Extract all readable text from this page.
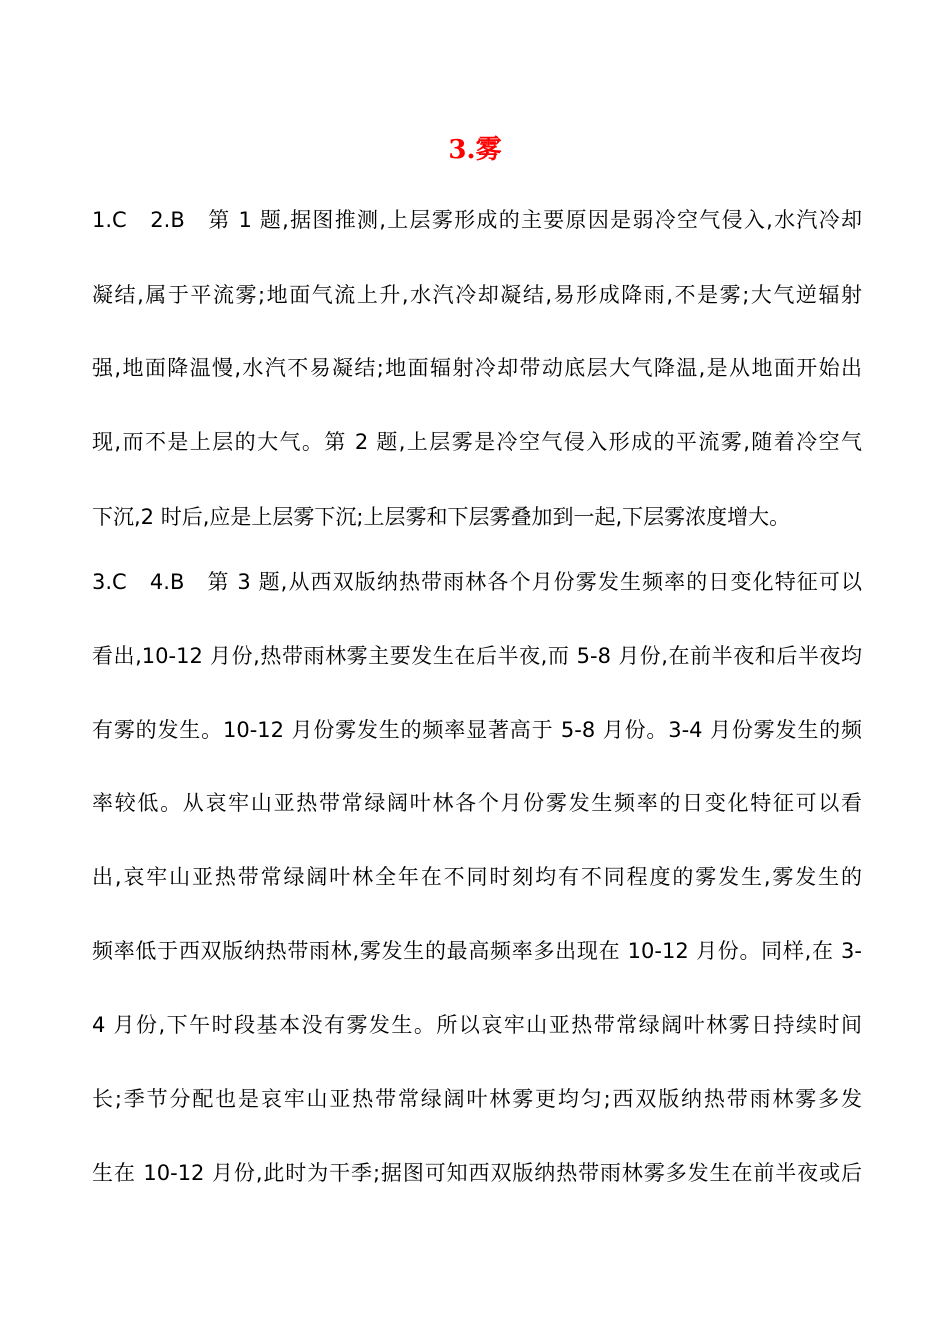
3.雾
1.C　2.B　第 1 题,据图推测,上层雾形成的主要原因是弱冷空气侵入,水汽冷却
凝结,属于平流雾;地面气流上升,水汽冷却凝结,易形成降雨,不是雾;大气逆辐射
强,地面降温慢,水汽不易凝结;地面辐射冷却带动底层大气降温,是从地面开始出
现,而不是上层的大气。第 2 题,上层雾是冷空气侵入形成的平流雾,随着冷空气
下沉,2 时后,应是上层雾下沉;上层雾和下层雾叠加到一起,下层雾浓度增大。
3.C　4.B　第 3 题,从西双版纳热带雨林各个月份雾发生频率的日变化特征可以
看出,10-12 月份,热带雨林雾主要发生在后半夜,而 5-8 月份,在前半夜和后半夜均
有雾的发生。10-12 月份雾发生的频率显著高于 5-8 月份。3-4 月份雾发生的频
率较低。从哀牢山亚热带常绿阔叶林各个月份雾发生频率的日变化特征可以看
出,哀牢山亚热带常绿阔叶林全年在不同时刻均有不同程度的雾发生,雾发生的
频率低于西双版纳热带雨林,雾发生的最高频率多出现在 10-12 月份。同样,在 3-
4 月份,下午时段基本没有雾发生。所以哀牢山亚热带常绿阔叶林雾日持续时间
长;季节分配也是哀牢山亚热带常绿阔叶林雾更均匀;西双版纳热带雨林雾多发
生在 10-12 月份,此时为干季;据图可知西双版纳热带雨林雾多发生在前半夜或后
